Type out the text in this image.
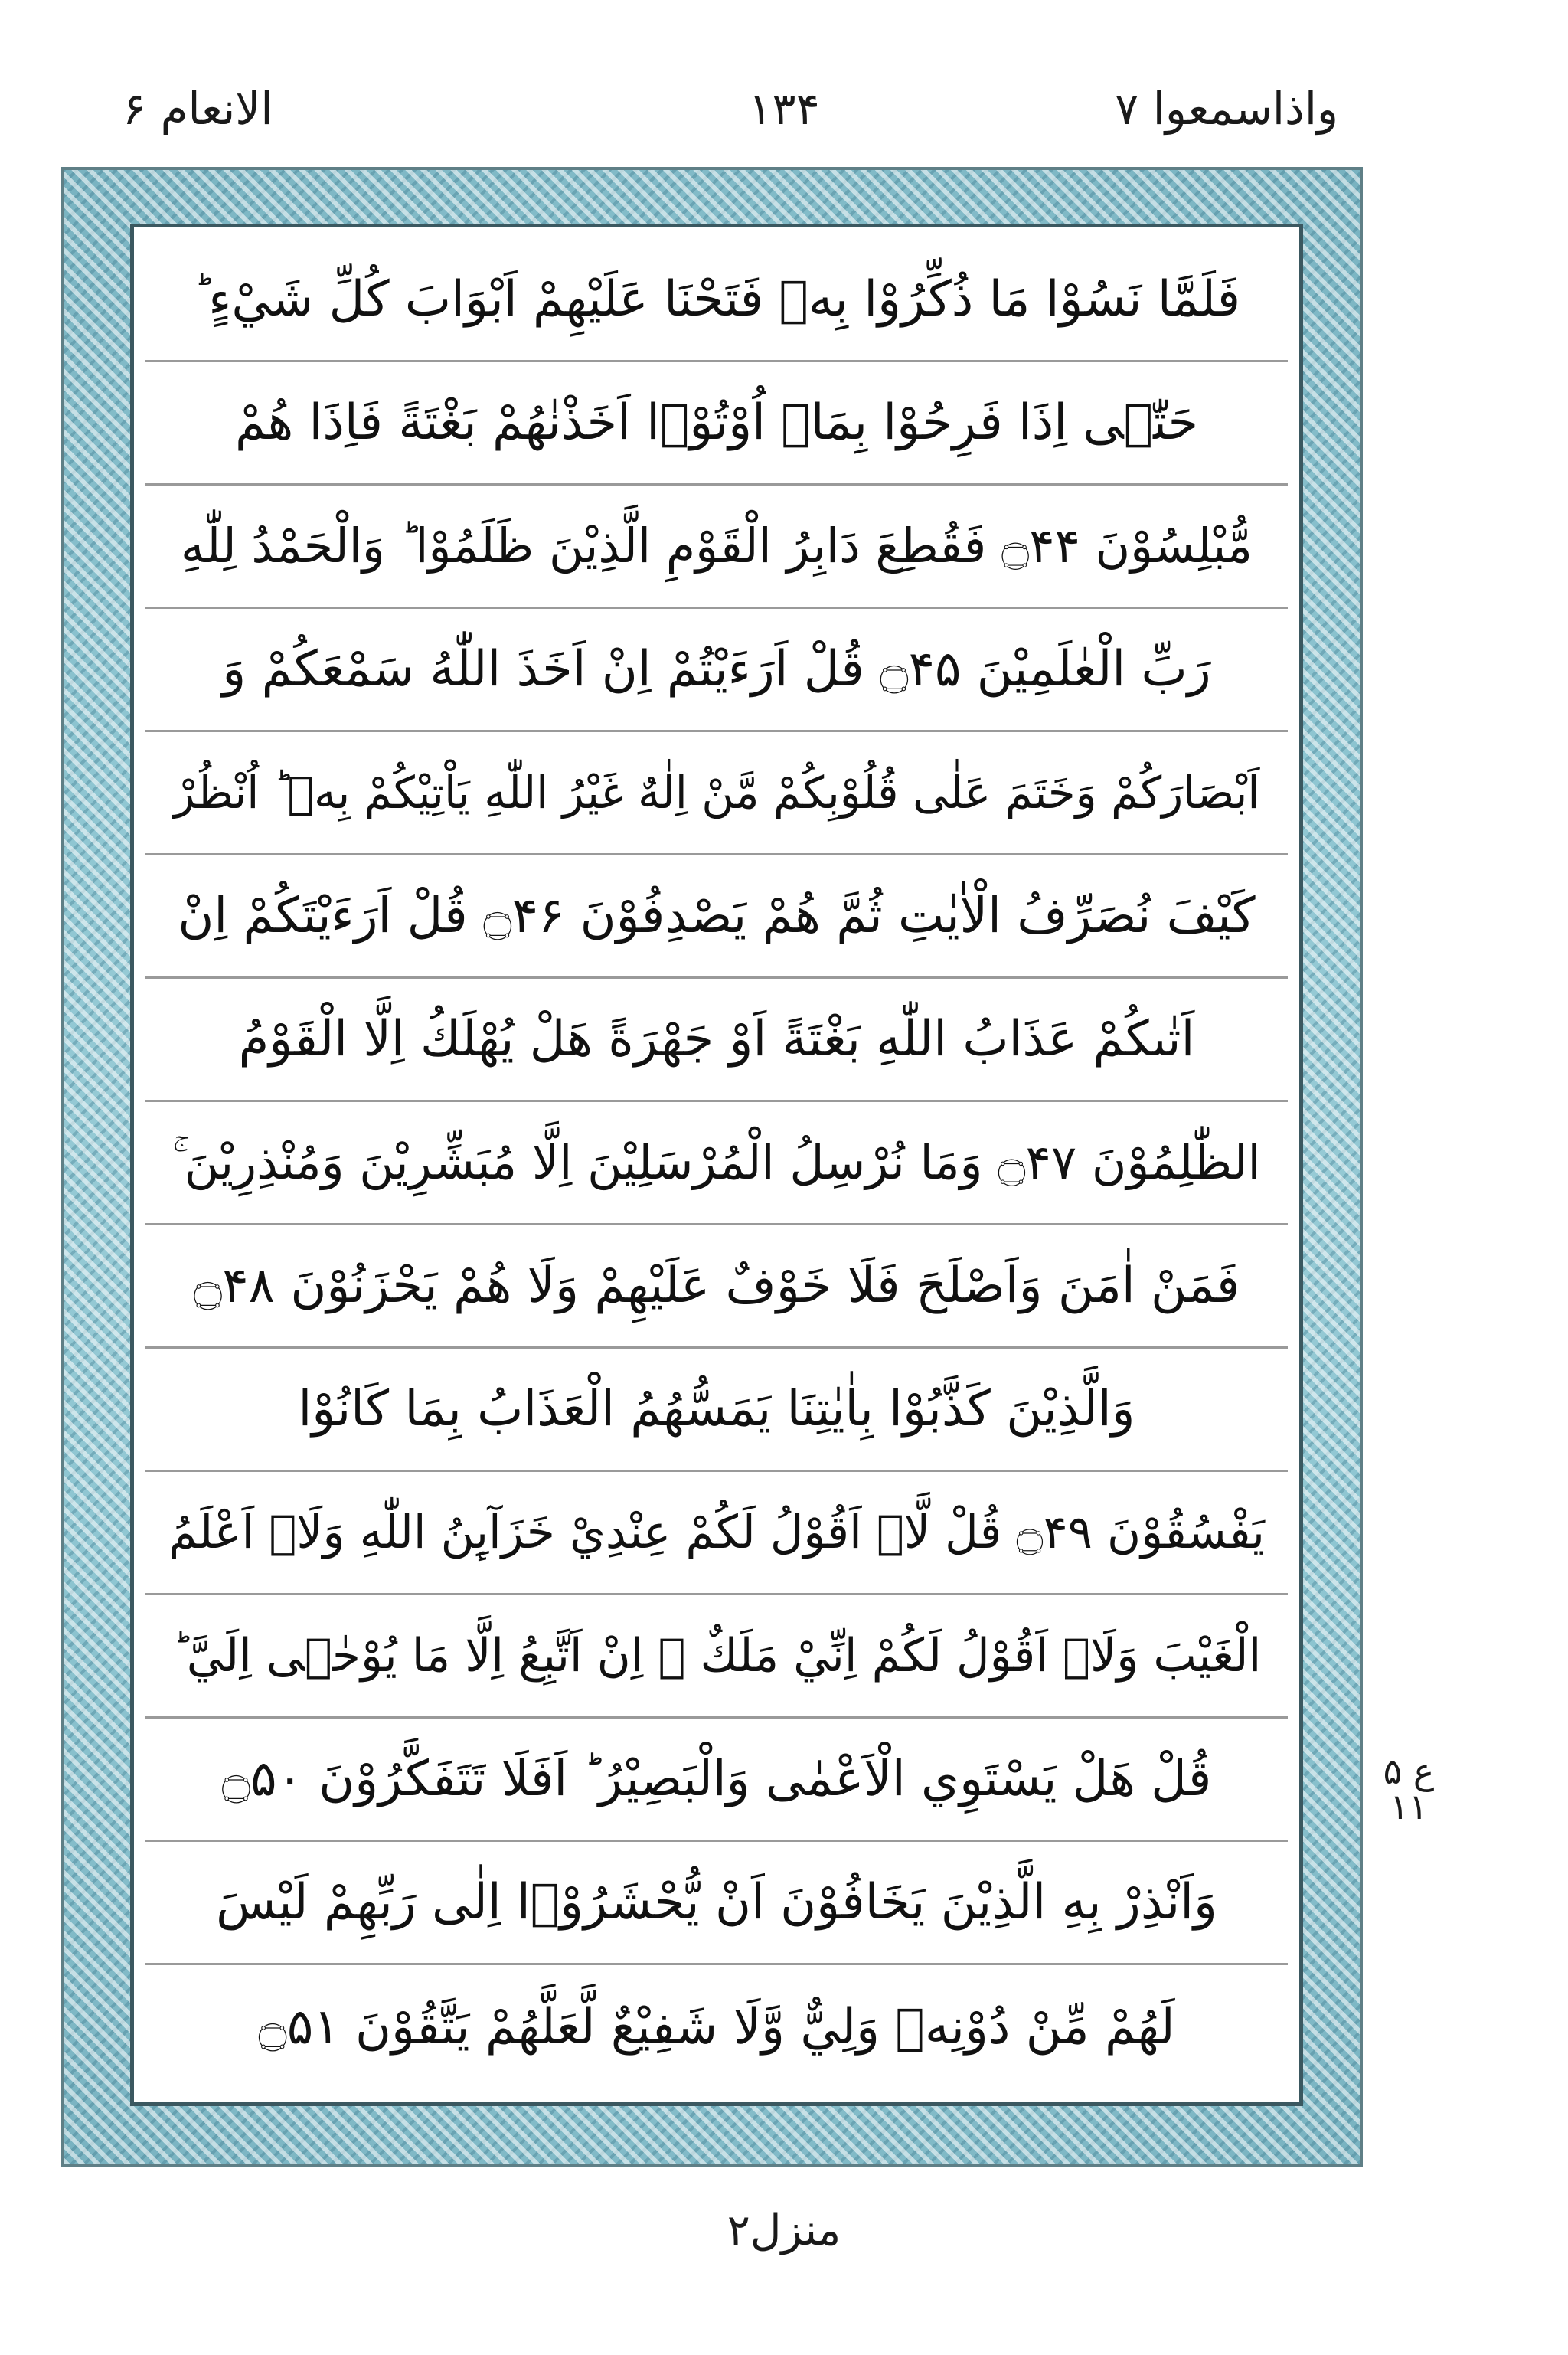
واذاسمعوا ۷
۱۳۴
الانعام ۶
فَلَمَّا نَسُوْا مَا ذُكِّرُوْا بِهٖ فَتَحْنَا عَلَيْهِمْ اَبْوَابَ كُلِّ شَيْءٍ ؕ
حَتّٰۤى اِذَا فَرِحُوْا بِمَاۤ اُوْتُوْۤا اَخَذْنٰهُمْ بَغْتَةً فَاِذَا هُمْ
مُّبْلِسُوْنَ ۝۴۴ فَقُطِعَ دَابِرُ الْقَوْمِ الَّذِيْنَ ظَلَمُوْا ؕ وَالْحَمْدُ لِلّٰهِ
رَبِّ الْعٰلَمِيْنَ ۝۴۵ قُلْ اَرَءَيْتُمْ اِنْ اَخَذَ اللّٰهُ سَمْعَكُمْ وَ
اَبْصَارَكُمْ وَخَتَمَ عَلٰى قُلُوْبِكُمْ مَّنْ اِلٰهٌ غَيْرُ اللّٰهِ يَاْتِيْكُمْ بِهٖ ؕ اُنْظُرْ
كَيْفَ نُصَرِّفُ الْاٰيٰتِ ثُمَّ هُمْ يَصْدِفُوْنَ ۝۴۶ قُلْ اَرَءَيْتَكُمْ اِنْ
اَتٰىكُمْ عَذَابُ اللّٰهِ بَغْتَةً اَوْ جَهْرَةً هَلْ يُهْلَكُ اِلَّا الْقَوْمُ
الظّٰلِمُوْنَ ۝۴۷ وَمَا نُرْسِلُ الْمُرْسَلِيْنَ اِلَّا مُبَشِّرِيْنَ وَمُنْذِرِيْنَ ۚ
فَمَنْ اٰمَنَ وَاَصْلَحَ فَلَا خَوْفٌ عَلَيْهِمْ وَلَا هُمْ يَحْزَنُوْنَ ۝۴۸
وَالَّذِيْنَ كَذَّبُوْا بِاٰيٰتِنَا يَمَسُّهُمُ الْعَذَابُ بِمَا كَانُوْا
يَفْسُقُوْنَ ۝۴۹ قُلْ لَّاۤ اَقُوْلُ لَكُمْ عِنْدِيْ خَزَآىِٕنُ اللّٰهِ وَلَاۤ اَعْلَمُ
الْغَيْبَ وَلَاۤ اَقُوْلُ لَكُمْ اِنِّيْ مَلَكٌ ۚ اِنْ اَتَّبِعُ اِلَّا مَا يُوْحٰۤى اِلَيَّ ؕ
قُلْ هَلْ يَسْتَوِي الْاَعْمٰى وَالْبَصِيْرُ ؕ اَفَلَا تَتَفَكَّرُوْنَ ۝۵۰
وَاَنْذِرْ بِهِ الَّذِيْنَ يَخَافُوْنَ اَنْ يُّحْشَرُوْۤا اِلٰى رَبِّهِمْ لَيْسَ
لَهُمْ مِّنْ دُوْنِهٖ وَلِيٌّ وَّلَا شَفِيْعٌ لَّعَلَّهُمْ يَتَّقُوْنَ ۝۵۱
ع ۵ ۱۱
منزل۲
